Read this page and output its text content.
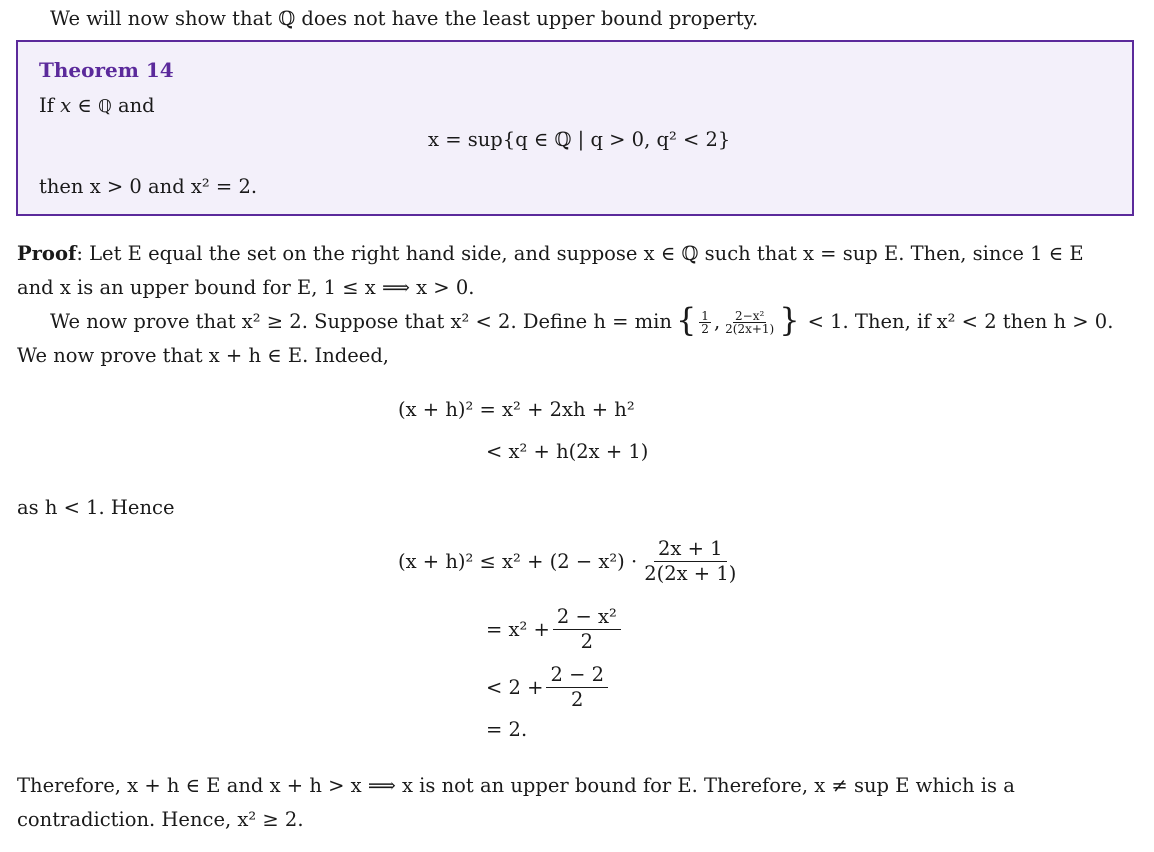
We will now show that ℚ does not have the least upper bound property.
Theorem 14
If x ∈ ℚ and
x = sup{q ∈ ℚ | q > 0, q² < 2}
then x > 0 and x² = 2.
Proof: Let E equal the set on the right hand side, and suppose x ∈ ℚ such that x = sup E. Then, since 1 ∈ E
and x is an upper bound for E, 1 ≤ x ⟹ x > 0.
We now prove that x² ≥ 2. Suppose that x² < 2. Define h = min { $\frac{1}{2}$ , $\frac{\text{2−x²}}{2(2x+1)}$ } < 1. Then, if x² < 2 then h > 0.
We now prove that x + h ∈ E. Indeed,
(x + h)² = x² + 2xh + h²
< x² + h(2x + 1)
as h < 1. Hence
$(x + h)^2 \le x^2 + (2 - x^2) \cdot \frac{2x + 1}{2(2x + 1)}$
= $x^2 + \frac{\text{2 − x²}}{2}$
< $2 + \frac{2 - 2}{2}$
= 2.
Therefore, x + h ∈ E and x + h > x ⟹ x is not an upper bound for E. Therefore, x ≠ sup E which is a
contradiction. Hence, x² ≥ 2.
